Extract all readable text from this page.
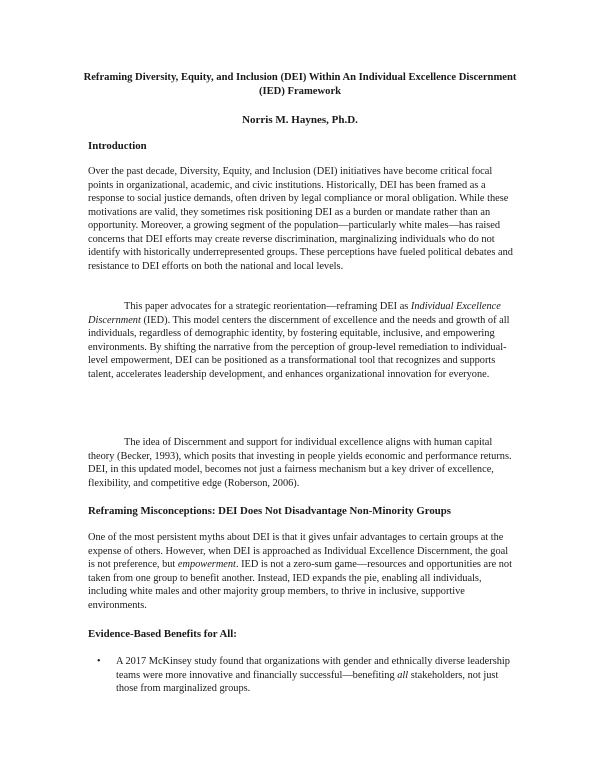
Reframing Diversity, Equity, and Inclusion (DEI) Within An Individual Excellence Discernment (IED) Framework
Norris M. Haynes, Ph.D.
Introduction
Over the past decade, Diversity, Equity, and Inclusion (DEI) initiatives have become critical focal points in organizational, academic, and civic institutions. Historically, DEI has been framed as a response to social justice demands, often driven by legal compliance or moral obligation. While these motivations are valid, they sometimes risk positioning DEI as a burden or mandate rather than an opportunity. Moreover, a growing segment of the population—particularly white males—has raised concerns that DEI efforts may create reverse discrimination, marginalizing individuals who do not identify with historically underrepresented groups. These perceptions have fueled political debates and resistance to DEI efforts on both the national and local levels.
This paper advocates for a strategic reorientation—reframing DEI as Individual Excellence Discernment (IED). This model centers the discernment of excellence and the needs and growth of all individuals, regardless of demographic identity, by fostering equitable, inclusive, and empowering environments. By shifting the narrative from the perception of group-level remediation to individual-level empowerment, DEI can be positioned as a transformational tool that recognizes and supports talent, accelerates leadership development, and enhances organizational innovation for everyone.
The idea of Discernment and support for individual excellence aligns with human capital theory (Becker, 1993), which posits that investing in people yields economic and performance returns. DEI, in this updated model, becomes not just a fairness mechanism but a key driver of excellence, flexibility, and competitive edge (Roberson, 2006).
Reframing Misconceptions: DEI Does Not Disadvantage Non-Minority Groups
One of the most persistent myths about DEI is that it gives unfair advantages to certain groups at the expense of others. However, when DEI is approached as Individual Excellence Discernment, the goal is not preference, but empowerment. IED is not a zero-sum game—resources and opportunities are not taken from one group to benefit another. Instead, IED expands the pie, enabling all individuals, including white males and other majority group members, to thrive in inclusive, supportive environments.
Evidence-Based Benefits for All:
• A 2017 McKinsey study found that organizations with gender and ethnically diverse leadership teams were more innovative and financially successful—benefiting all stakeholders, not just those from marginalized groups.
